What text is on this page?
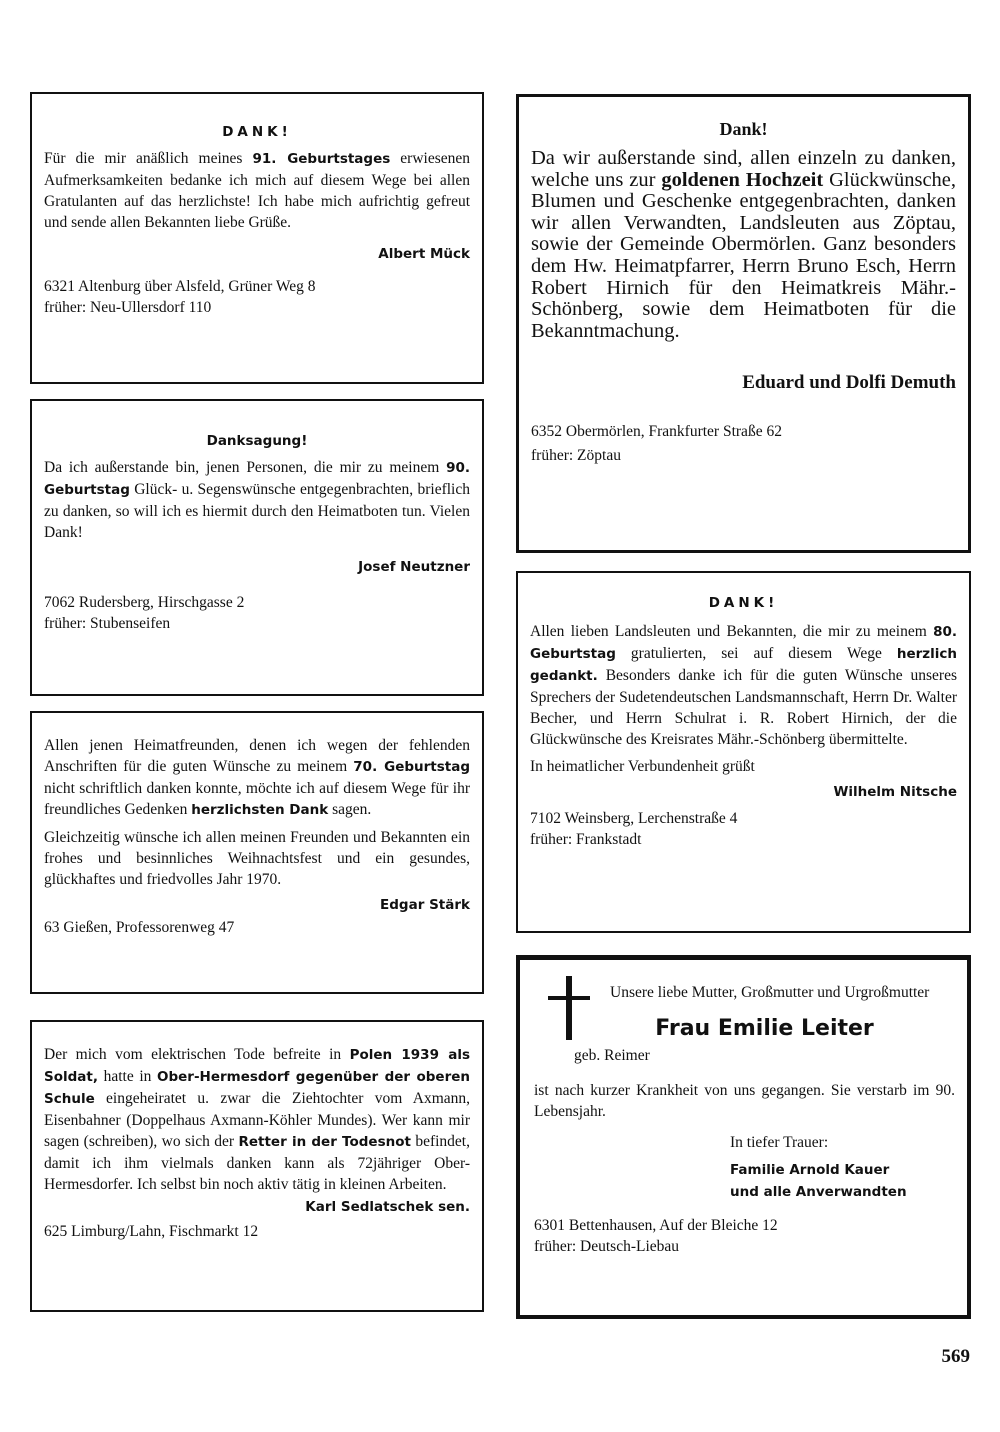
DANK!

Für die mir anäßlich meines 91. Geburtstages erwiesenen Aufmerksamkeiten bedanke ich mich auf diesem Wege bei allen Gratulanten auf das herzlichste! Ich habe mich aufrichtig gefreut und sende allen Bekannten liebe Grüße.

Albert Mück

6321 Altenburg über Alsfeld, Grüner Weg 8

früher: Neu-Ullersdorf 110

Danksagung!

Da ich außerstande bin, jenen Personen, die mir zu meinem 90. Geburtstag Glück- u. Segenswünsche entgegenbrachten, brieflich zu danken, so will ich es hiermit durch den Heimatboten tun. Vielen Dank!

Josef Neutzner

7062 Rudersberg, Hirschgasse 2

früher: Stubenseifen

Allen jenen Heimatfreunden, denen ich wegen der fehlenden Anschriften für die guten Wünsche zu meinem 70. Geburtstag nicht schriftlich danken konnte, möchte ich auf diesem Wege für ihr freundliches Gedenken herzlichsten Dank sagen.

Gleichzeitig wünsche ich allen meinen Freunden und Bekannten ein frohes und besinnliches Weihnachtsfest und ein gesundes, glückhaftes und friedvolles Jahr 1970.

Edgar Stärk

63 Gießen, Professorenweg 47

Der mich vom elektrischen Tode befreite in Polen 1939 als Soldat, hatte in Ober-Hermesdorf gegenüber der oberen Schule eingeheiratet u. zwar die Ziehtochter vom Axmann, Eisenbahner (Doppelhaus Axmann-Köhler Mundes). Wer kann mir sagen (schreiben), wo sich der Retter in der Todesnot befindet, damit ich ihm vielmals danken kann als 72jähriger Ober-Hermesdorfer. Ich selbst bin noch aktiv tätig in kleinen Arbeiten.

Karl Sedlatschek sen.

625 Limburg/Lahn, Fischmarkt 12

Dank!

Da wir außerstande sind, allen einzeln zu danken, welche uns zur goldenen Hochzeit Glückwünsche, Blumen und Geschenke entgegenbrachten, danken wir allen Verwandten, Landsleuten aus Zöptau, sowie der Gemeinde Obermörlen. Ganz besonders dem Hw. Heimatpfarrer, Herrn Bruno Esch, Herrn Robert Hirnich für den Heimatkreis Mähr.-Schönberg, sowie dem Heimatboten für die Bekanntmachung.

Eduard und Dolfi Demuth

6352 Obermörlen, Frankfurter Straße 62

früher: Zöptau

DANK!

Allen lieben Landsleuten und Bekannten, die mir zu meinem 80. Geburtstag gratulierten, sei auf diesem Wege herzlich gedankt. Besonders danke ich für die guten Wünsche unseres Sprechers der Sudetendeutschen Landsmannschaft, Herrn Dr. Walter Becher, und Herrn Schulrat i. R. Robert Hirnich, der die Glückwünsche des Kreisrates Mähr.-Schönberg übermittelte.

In heimatlicher Verbundenheit grüßt

Wilhelm Nitsche

7102 Weinsberg, Lerchenstraße 4

früher: Frankstadt

Unsere liebe Mutter, Großmutter und Urgroßmutter

Frau Emilie Leiter

geb. Reimer

ist nach kurzer Krankheit von uns gegangen. Sie verstarb im 90. Lebensjahr.

In tiefer Trauer:

Familie Arnold Kauer

und alle Anverwandten

6301 Bettenhausen, Auf der Bleiche 12

früher: Deutsch-Liebau

569
